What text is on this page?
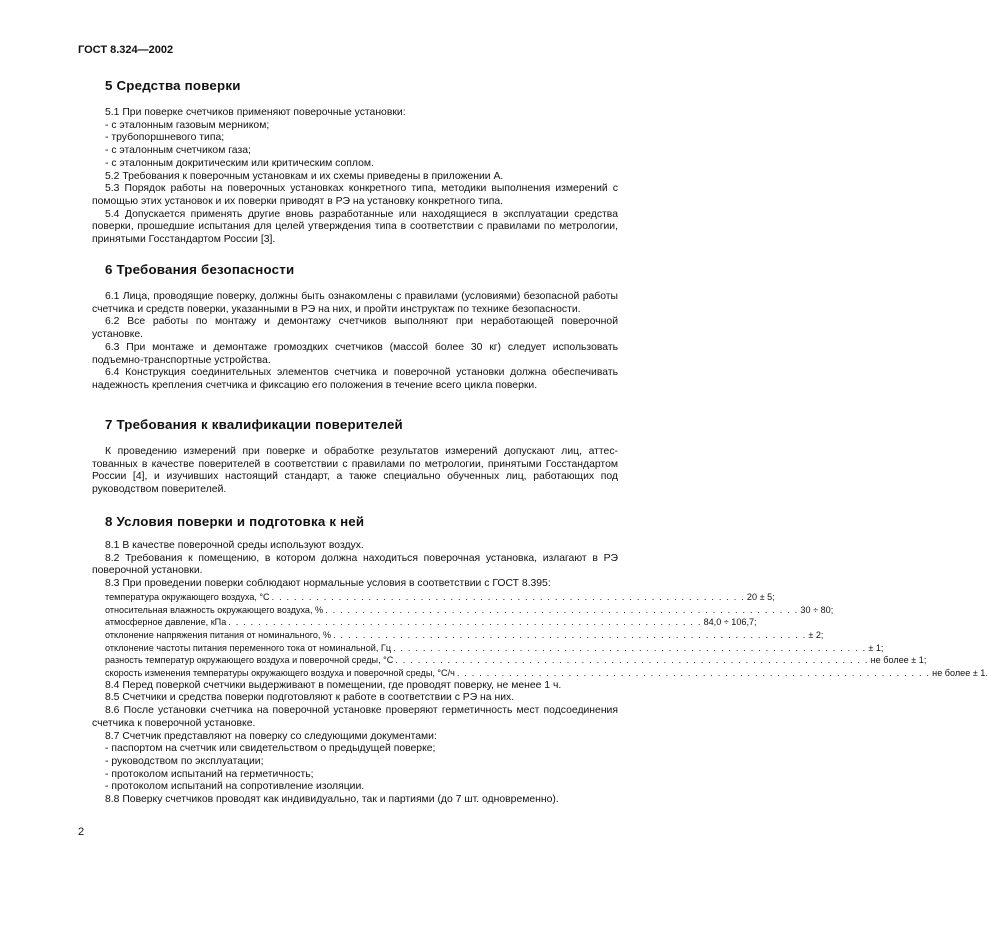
ГОСТ 8.324—2002

5 Средства поверки

5.1 При поверке счетчиков применяют поверочные установки:

- с эталонным газовым мерником;

- трубопоршневого типа;

- с эталонным счетчиком газа;

- с эталонным докритическим или критическим соплом.

5.2 Требования к поверочным установкам и их схемы приведены в приложении А.

5.3 Порядок работы на поверочных установках конкретного типа, методики выполнения измерений с помощью этих установок и их поверки приводят в РЭ на установку конкретного типа.

5.4 Допускается применять другие вновь разработанные или находящиеся в эксплуатации средства поверки, прошедшие испытания для целей утверждения типа в соответствии с правилами по метрологии, принятыми Госстандартом России [3].

6 Требования безопасности

6.1 Лица, проводящие поверку, должны быть ознакомлены с правилами (условиями) безопасной работы счетчика и средств поверки, указанными в РЭ на них, и пройти инструктаж по технике безопасности.

6.2 Все работы по монтажу и демонтажу счетчиков выполняют при неработающей поверочной установке.

6.3 При монтаже и демонтаже громоздких счетчиков (массой более 30 кг) следует использовать подъемно-транспортные устройства.

6.4 Конструкция соединительных элементов счетчика и поверочной установки должна обеспечивать надежность крепления счетчика и фиксацию его положения в течение всего цикла поверки.

7 Требования к квалификации поверителей

К проведению измерений при поверке и обработке результатов измерений допускают лиц, аттестованных в качестве поверителей в соответствии с правилами по метрологии, принятыми Госстандартом России [4], и изучивших настоящий стандарт, а также специально обученных лиц, работающих под руководством поверителей.

8 Условия поверки и подготовка к ней

8.1 В качестве поверочной среды используют воздух.

8.2 Требования к помещению, в котором должна находиться поверочная установка, излагают в РЭ поверочной установки.

8.3 При проведении поверки соблюдают нормальные условия в соответствии с ГОСТ 8.395:

температура окружающего воздуха, °С . . . . . . . . . . . . . . . . . . . . . . . . . . . . . . . . . . . . . . . . . . . . . . . . . . . . . . . . . . . . . . . . 20 ± 5;
относительная влажность окружающего воздуха, % . . . . . . . . . . . . . . . . . . . . . . . . . . . . . . . . . . . . . . . . . . . . . . . . . . . . . . . . . . . . . . . . 30 ÷ 80;
атмосферное давление, кПа . . . . . . . . . . . . . . . . . . . . . . . . . . . . . . . . . . . . . . . . . . . . . . . . . . . . . . . . . . . . . . . . 84,0 ÷ 106,7;
отклонение напряжения питания от номинального, % . . . . . . . . . . . . . . . . . . . . . . . . . . . . . . . . . . . . . . . . . . . . . . . . . . . . . . . . . . . . . . . . ± 2;
отклонение частоты питания переменного тока от номинальной, Гц . . . . . . . . . . . . . . . . . . . . . . . . . . . . . . . . . . . . . . . . . . . . . . . . . . . . . . . . . . . . . . . . ± 1;
разность температур окружающего воздуха и поверочной среды, °С . . . . . . . . . . . . . . . . . . . . . . . . . . . . . . . . . . . . . . . . . . . . . . . . . . . . . . . . . . . . . . . . не более ± 1;
скорость изменения температуры окружающего воздуха и поверочной среды, °С/ч . . . . . . . . . . . . . . . . . . . . . . . . . . . . . . . . . . . . . . . . . . . . . . . . . . . . . . . . . . . . . . . . не более ± 1.

8.4 Перед поверкой счетчики выдерживают в помещении, где проводят поверку, не менее 1 ч.

8.5 Счетчики и средства поверки подготовляют к работе в соответствии с РЭ на них.

8.6 После установки счетчика на поверочной установке проверяют герметичность мест подсоединения счетчика к поверочной установке.

8.7 Счетчик представляют на поверку со следующими документами:

- паспортом на счетчик или свидетельством о предыдущей поверке;

- руководством по эксплуатации;

- протоколом испытаний на герметичность;

- протоколом испытаний на сопротивление изоляции.

8.8 Поверку счетчиков проводят как индивидуально, так и партиями (до 7 шт. одновременно).

2
